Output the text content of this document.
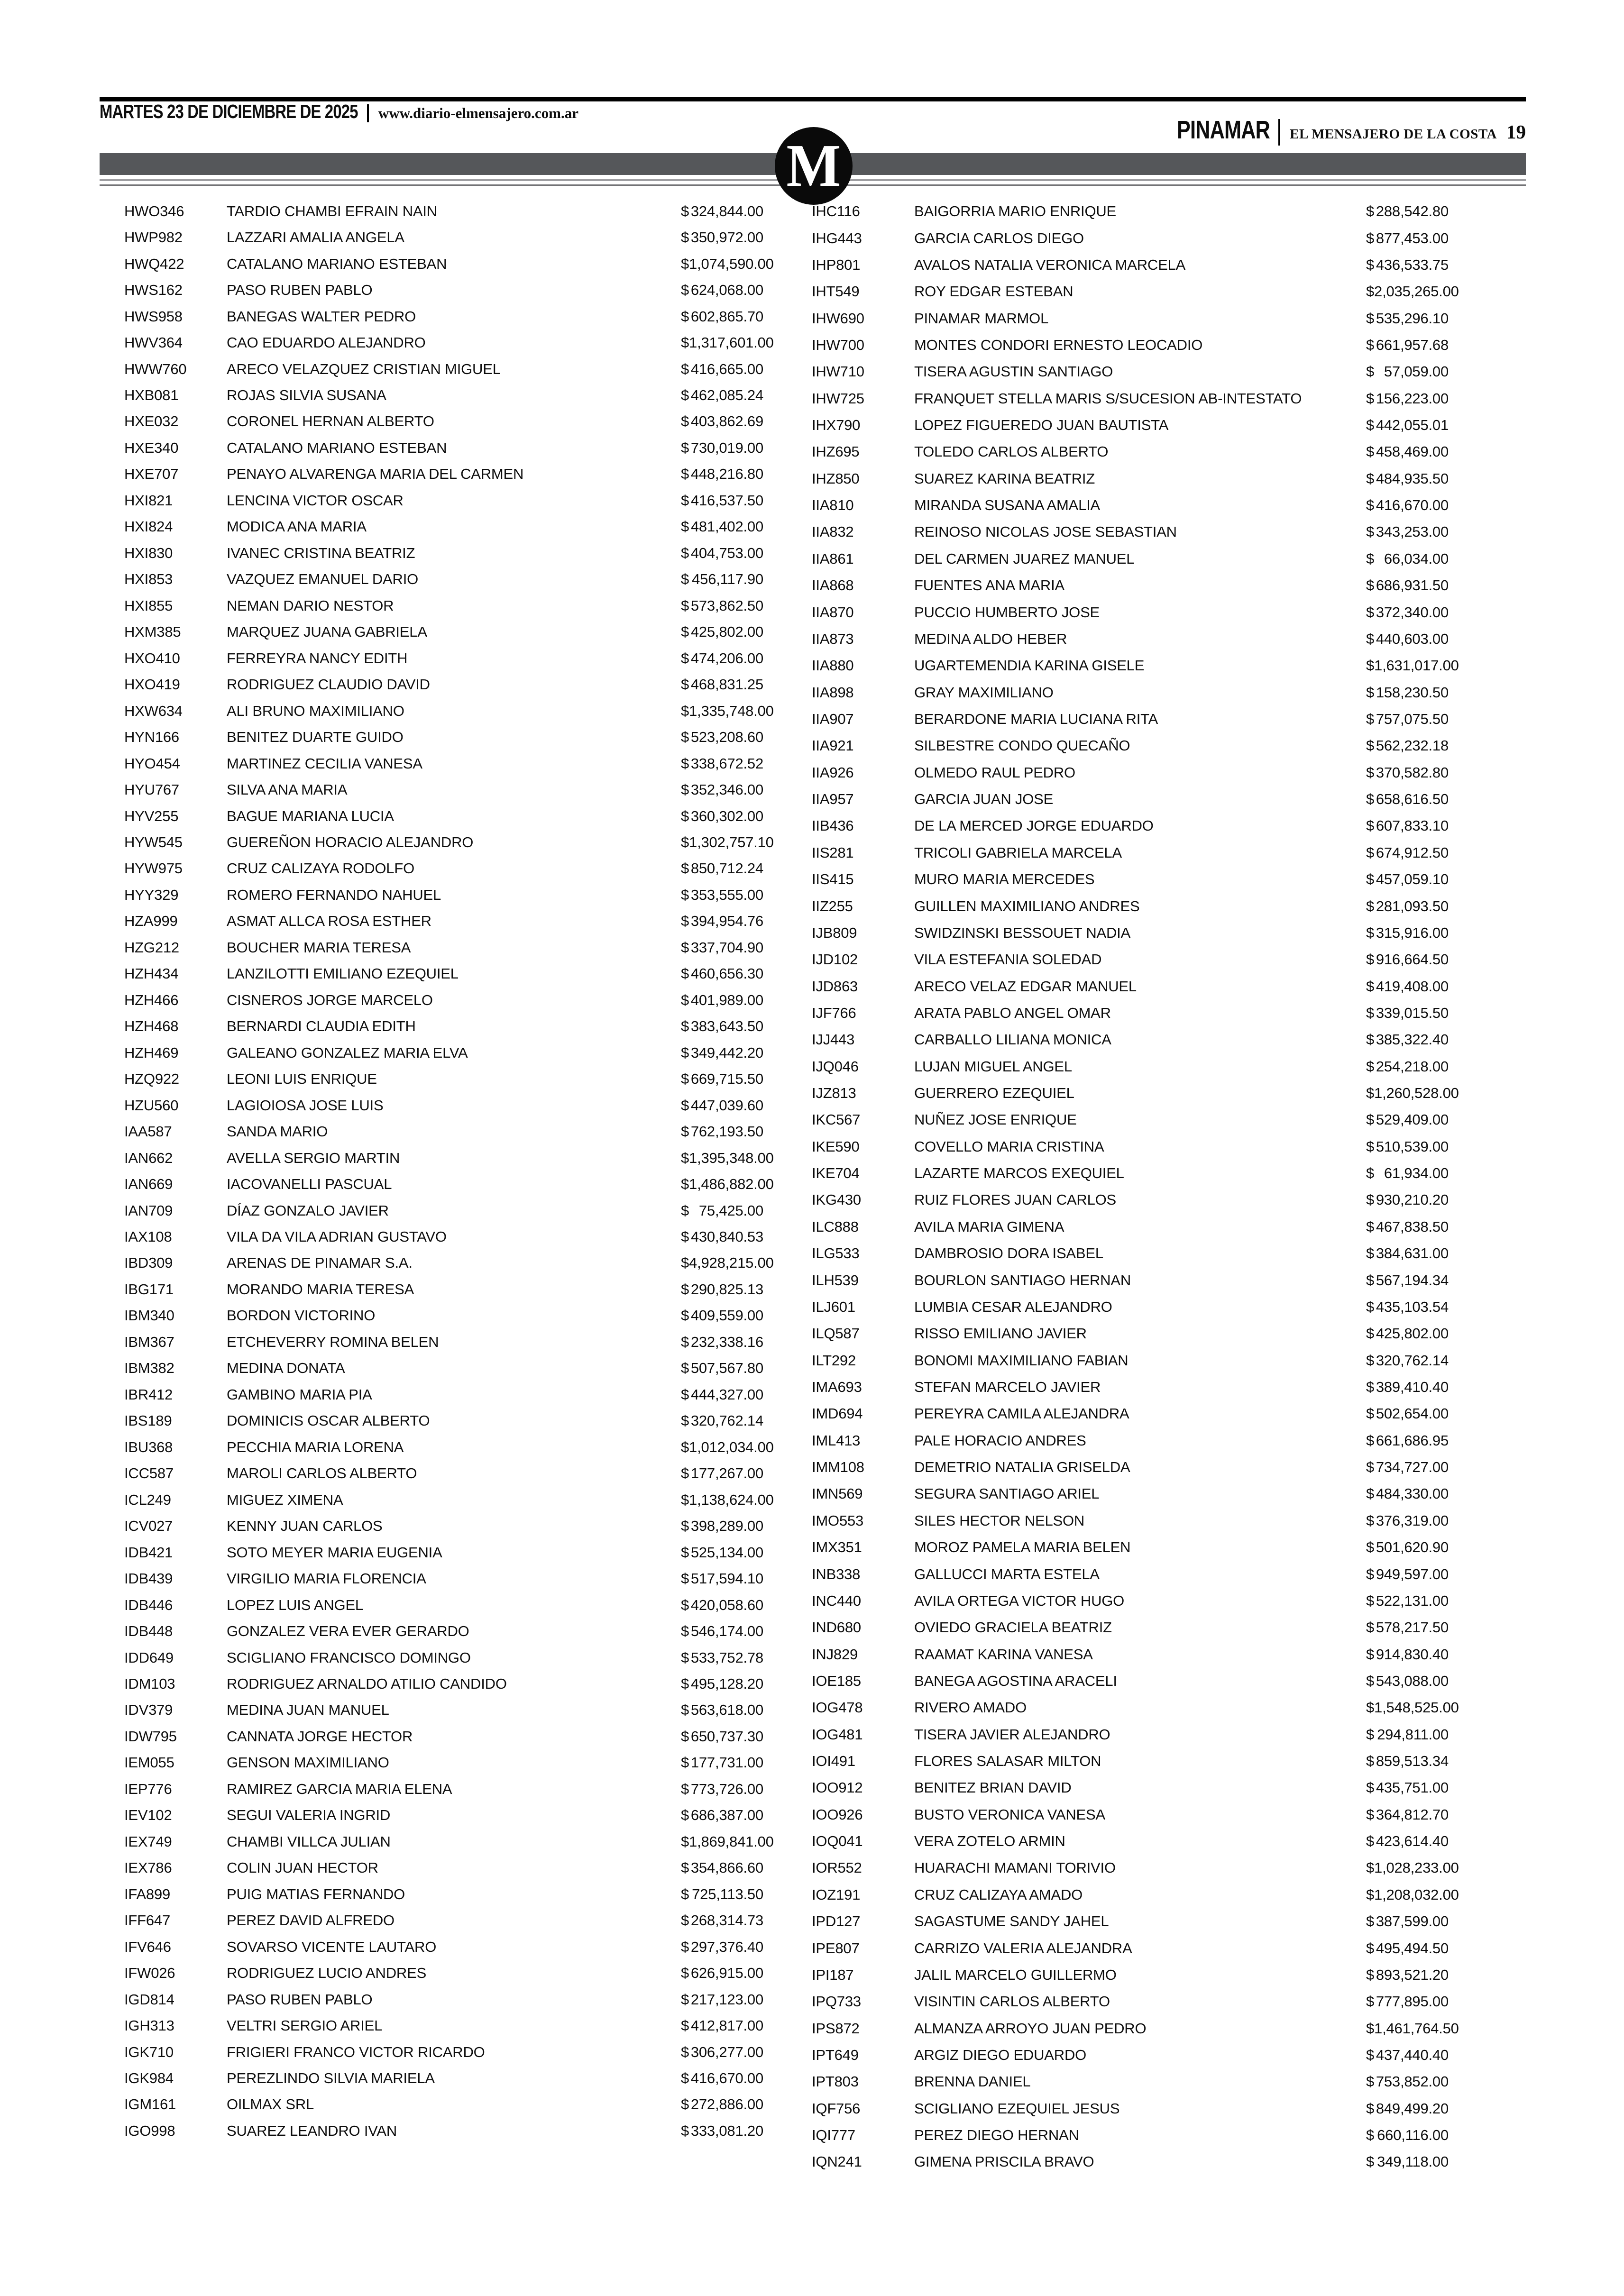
MARTES 23 DE DICIEMBRE DE 2025 www.diario-elmensajero.com.ar
PINAMAR EL MENSAJERO DE LA COSTA 19
M
HWO346	TARDIO CHAMBI EFRAIN NAIN	$ 324,844.00
HWP982	LAZZARI AMALIA ANGELA	$ 350,972.00
HWQ422	CATALANO MARIANO ESTEBAN	$ 1,074,590.00
HWS162	PASO RUBEN PABLO	$ 624,068.00
HWS958	BANEGAS WALTER PEDRO	$ 602,865.70
HWV364	CAO EDUARDO ALEJANDRO	$ 1,317,601.00
HWW760	ARECO VELAZQUEZ CRISTIAN MIGUEL	$ 416,665.00
HXB081	ROJAS SILVIA SUSANA	$ 462,085.24
HXE032	CORONEL HERNAN ALBERTO	$ 403,862.69
HXE340	CATALANO MARIANO ESTEBAN	$ 730,019.00
HXE707	PENAYO ALVARENGA MARIA DEL CARMEN	$ 448,216.80
HXI821	LENCINA VICTOR OSCAR	$ 416,537.50
HXI824	MODICA ANA MARIA	$ 481,402.00
HXI830	IVANEC CRISTINA BEATRIZ	$ 404,753.00
HXI853	VAZQUEZ EMANUEL DARIO	$ 456,117.90
HXI855	NEMAN DARIO NESTOR	$ 573,862.50
HXM385	MARQUEZ JUANA GABRIELA	$ 425,802.00
HXO410	FERREYRA NANCY EDITH	$ 474,206.00
HXO419	RODRIGUEZ CLAUDIO DAVID	$ 468,831.25
HXW634	ALI BRUNO MAXIMILIANO	$ 1,335,748.00
HYN166	BENITEZ DUARTE GUIDO	$ 523,208.60
HYO454	MARTINEZ CECILIA VANESA	$ 338,672.52
HYU767	SILVA ANA MARIA	$ 352,346.00
HYV255	BAGUE MARIANA LUCIA	$ 360,302.00
HYW545	GUEREÑON HORACIO ALEJANDRO	$ 1,302,757.10
HYW975	CRUZ CALIZAYA RODOLFO	$ 850,712.24
HYY329	ROMERO FERNANDO NAHUEL	$ 353,555.00
HZA999	ASMAT ALLCA ROSA ESTHER	$ 394,954.76
HZG212	BOUCHER MARIA TERESA	$ 337,704.90
HZH434	LANZILOTTI EMILIANO EZEQUIEL	$ 460,656.30
HZH466	CISNEROS JORGE MARCELO	$ 401,989.00
HZH468	BERNARDI CLAUDIA EDITH	$ 383,643.50
HZH469	GALEANO GONZALEZ MARIA ELVA	$ 349,442.20
HZQ922	LEONI LUIS ENRIQUE	$ 669,715.50
HZU560	LAGIOIOSA JOSE LUIS	$ 447,039.60
IAA587	SANDA MARIO	$ 762,193.50
IAN662	AVELLA SERGIO MARTIN	$ 1,395,348.00
IAN669	IACOVANELLI PASCUAL	$ 1,486,882.00
IAN709	DÍAZ GONZALO JAVIER	$ 75,425.00
IAX108	VILA DA VILA ADRIAN GUSTAVO	$ 430,840.53
IBD309	ARENAS DE PINAMAR S.A.	$ 4,928,215.00
IBG171	MORANDO MARIA TERESA	$ 290,825.13
IBM340	BORDON VICTORINO	$ 409,559.00
IBM367	ETCHEVERRY ROMINA BELEN	$ 232,338.16
IBM382	MEDINA DONATA	$ 507,567.80
IBR412	GAMBINO MARIA PIA	$ 444,327.00
IBS189	DOMINICIS OSCAR ALBERTO	$ 320,762.14
IBU368	PECCHIA MARIA LORENA	$ 1,012,034.00
ICC587	MAROLI CARLOS ALBERTO	$ 177,267.00
ICL249	MIGUEZ XIMENA	$ 1,138,624.00
ICV027	KENNY JUAN CARLOS	$ 398,289.00
IDB421	SOTO MEYER MARIA EUGENIA	$ 525,134.00
IDB439	VIRGILIO MARIA FLORENCIA	$ 517,594.10
IDB446	LOPEZ LUIS ANGEL	$ 420,058.60
IDB448	GONZALEZ VERA EVER GERARDO	$ 546,174.00
IDD649	SCIGLIANO FRANCISCO DOMINGO	$ 533,752.78
IDM103	RODRIGUEZ ARNALDO ATILIO CANDIDO	$ 495,128.20
IDV379	MEDINA JUAN MANUEL	$ 563,618.00
IDW795	CANNATA JORGE HECTOR	$ 650,737.30
IEM055	GENSON MAXIMILIANO	$ 177,731.00
IEP776	RAMIREZ GARCIA MARIA ELENA	$ 773,726.00
IEV102	SEGUI VALERIA INGRID	$ 686,387.00
IEX749	CHAMBI VILLCA JULIAN	$ 1,869,841.00
IEX786	COLIN JUAN HECTOR	$ 354,866.60
IFA899	PUIG MATIAS FERNANDO	$ 725,113.50
IFF647	PEREZ DAVID ALFREDO	$ 268,314.73
IFV646	SOVARSO VICENTE LAUTARO	$ 297,376.40
IFW026	RODRIGUEZ LUCIO ANDRES	$ 626,915.00
IGD814	PASO RUBEN PABLO	$ 217,123.00
IGH313	VELTRI SERGIO ARIEL	$ 412,817.00
IGK710	FRIGIERI FRANCO VICTOR RICARDO	$ 306,277.00
IGK984	PEREZLINDO SILVIA MARIELA	$ 416,670.00
IGM161	OILMAX SRL	$ 272,886.00
IGO998	SUAREZ LEANDRO IVAN	$ 333,081.20
IHC116	BAIGORRIA MARIO ENRIQUE	$ 288,542.80
IHG443	GARCIA CARLOS DIEGO	$ 877,453.00
IHP801	AVALOS NATALIA VERONICA MARCELA	$ 436,533.75
IHT549	ROY EDGAR ESTEBAN	$ 2,035,265.00
IHW690	PINAMAR MARMOL	$ 535,296.10
IHW700	MONTES CONDORI ERNESTO LEOCADIO	$ 661,957.68
IHW710	TISERA AGUSTIN SANTIAGO	$ 57,059.00
IHW725	FRANQUET STELLA MARIS S/SUCESION AB-INTESTATO	$ 156,223.00
IHX790	LOPEZ FIGUEREDO JUAN BAUTISTA	$ 442,055.01
IHZ695	TOLEDO CARLOS ALBERTO	$ 458,469.00
IHZ850	SUAREZ KARINA BEATRIZ	$ 484,935.50
IIA810	MIRANDA SUSANA AMALIA	$ 416,670.00
IIA832	REINOSO NICOLAS JOSE SEBASTIAN	$ 343,253.00
IIA861	DEL CARMEN JUAREZ MANUEL	$ 66,034.00
IIA868	FUENTES ANA MARIA	$ 686,931.50
IIA870	PUCCIO HUMBERTO JOSE	$ 372,340.00
IIA873	MEDINA ALDO HEBER	$ 440,603.00
IIA880	UGARTEMENDIA KARINA GISELE	$ 1,631,017.00
IIA898	GRAY MAXIMILIANO	$ 158,230.50
IIA907	BERARDONE MARIA LUCIANA RITA	$ 757,075.50
IIA921	SILBESTRE CONDO QUECAÑO	$ 562,232.18
IIA926	OLMEDO RAUL PEDRO	$ 370,582.80
IIA957	GARCIA JUAN JOSE	$ 658,616.50
IIB436	DE LA MERCED JORGE EDUARDO	$ 607,833.10
IIS281	TRICOLI GABRIELA MARCELA	$ 674,912.50
IIS415	MURO MARIA MERCEDES	$ 457,059.10
IIZ255	GUILLEN MAXIMILIANO ANDRES	$ 281,093.50
IJB809	SWIDZINSKI BESSOUET NADIA	$ 315,916.00
IJD102	VILA ESTEFANIA SOLEDAD	$ 916,664.50
IJD863	ARECO VELAZ EDGAR MANUEL	$ 419,408.00
IJF766	ARATA PABLO ANGEL OMAR	$ 339,015.50
IJJ443	CARBALLO LILIANA MONICA	$ 385,322.40
IJQ046	LUJAN MIGUEL ANGEL	$ 254,218.00
IJZ813	GUERRERO EZEQUIEL	$ 1,260,528.00
IKC567	NUÑEZ JOSE ENRIQUE	$ 529,409.00
IKE590	COVELLO MARIA CRISTINA	$ 510,539.00
IKE704	LAZARTE MARCOS EXEQUIEL	$ 61,934.00
IKG430	RUIZ FLORES JUAN CARLOS	$ 930,210.20
ILC888	AVILA MARIA GIMENA	$ 467,838.50
ILG533	DAMBROSIO DORA ISABEL	$ 384,631.00
ILH539	BOURLON SANTIAGO HERNAN	$ 567,194.34
ILJ601	LUMBIA CESAR ALEJANDRO	$ 435,103.54
ILQ587	RISSO EMILIANO JAVIER	$ 425,802.00
ILT292	BONOMI MAXIMILIANO FABIAN	$ 320,762.14
IMA693	STEFAN MARCELO JAVIER	$ 389,410.40
IMD694	PEREYRA CAMILA ALEJANDRA	$ 502,654.00
IML413	PALE HORACIO ANDRES	$ 661,686.95
IMM108	DEMETRIO NATALIA GRISELDA	$ 734,727.00
IMN569	SEGURA SANTIAGO ARIEL	$ 484,330.00
IMO553	SILES HECTOR NELSON	$ 376,319.00
IMX351	MOROZ PAMELA MARIA BELEN	$ 501,620.90
INB338	GALLUCCI MARTA ESTELA	$ 949,597.00
INC440	AVILA ORTEGA VICTOR HUGO	$ 522,131.00
IND680	OVIEDO GRACIELA BEATRIZ	$ 578,217.50
INJ829	RAAMAT KARINA VANESA	$ 914,830.40
IOE185	BANEGA AGOSTINA ARACELI	$ 543,088.00
IOG478	RIVERO AMADO	$ 1,548,525.00
IOG481	TISERA JAVIER ALEJANDRO	$ 294,811.00
IOI491	FLORES SALASAR MILTON	$ 859,513.34
IOO912	BENITEZ BRIAN DAVID	$ 435,751.00
IOO926	BUSTO VERONICA VANESA	$ 364,812.70
IOQ041	VERA ZOTELO ARMIN	$ 423,614.40
IOR552	HUARACHI MAMANI TORIVIO	$ 1,028,233.00
IOZ191	CRUZ CALIZAYA AMADO	$ 1,208,032.00
IPD127	SAGASTUME SANDY JAHEL	$ 387,599.00
IPE807	CARRIZO VALERIA ALEJANDRA	$ 495,494.50
IPI187	JALIL MARCELO GUILLERMO	$ 893,521.20
IPQ733	VISINTIN CARLOS ALBERTO	$ 777,895.00
IPS872	ALMANZA ARROYO JUAN PEDRO	$ 1,461,764.50
IPT649	ARGIZ DIEGO EDUARDO	$ 437,440.40
IPT803	BRENNA DANIEL	$ 753,852.00
IQF756	SCIGLIANO EZEQUIEL JESUS	$ 849,499.20
IQI777	PEREZ DIEGO HERNAN	$ 660,116.00
IQN241	GIMENA PRISCILA BRAVO	$ 349,118.00
